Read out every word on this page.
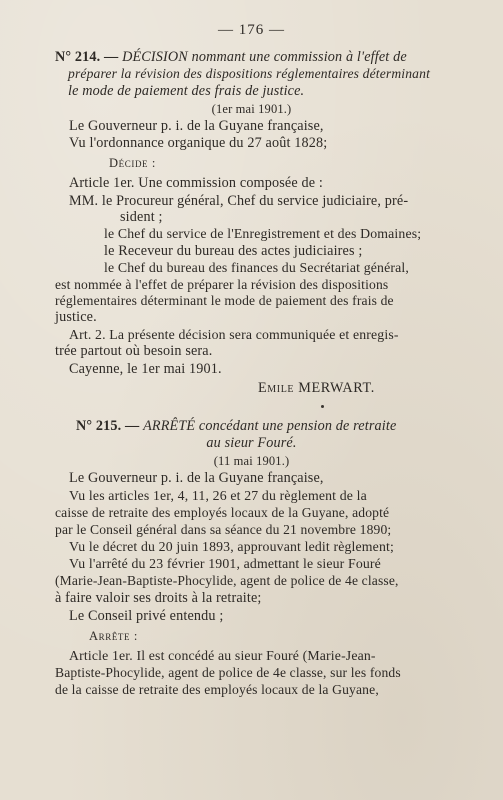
— 176 —
N° 214. — DÉCISION nommant une commission à l'effet de
préparer la révision des dispositions réglementaires déterminant
le mode de paiement des frais de justice.
(1er mai 1901.)
Le Gouverneur p. i. de la Guyane française,
Vu l'ordonnance organique du 27 août 1828;
Décide :
Article 1er. Une commission composée de :
MM. le Procureur général, Chef du service judiciaire, pré-
sident ;
le Chef du service de l'Enregistrement et des Domaines;
le Receveur du bureau des actes judiciaires ;
le Chef du bureau des finances du Secrétariat général,
est nommée à l'effet de préparer la révision des dispositions
réglementaires déterminant le mode de paiement des frais de
justice.
Art. 2. La présente décision sera communiquée et enregis-
trée partout où besoin sera.
Cayenne, le 1er mai 1901.
Emile MERWART.
N° 215. — ARRÊTÉ concédant une pension de retraite
au sieur Fouré.
(11 mai 1901.)
Le Gouverneur p. i. de la Guyane française,
Vu les articles 1er, 4, 11, 26 et 27 du règlement de la
caisse de retraite des employés locaux de la Guyane, adopté
par le Conseil général dans sa séance du 21 novembre 1890;
Vu le décret du 20 juin 1893, approuvant ledit règlement;
Vu l'arrêté du 23 février 1901, admettant le sieur Fouré
(Marie-Jean-Baptiste-Phocylide, agent de police de 4e classe,
à faire valoir ses droits à la retraite;
Le Conseil privé entendu ;
Arrête :
Article 1er. Il est concédé au sieur Fouré (Marie-Jean-
Baptiste-Phocylide, agent de police de 4e classe, sur les fonds
de la caisse de retraite des employés locaux de la Guyane,
